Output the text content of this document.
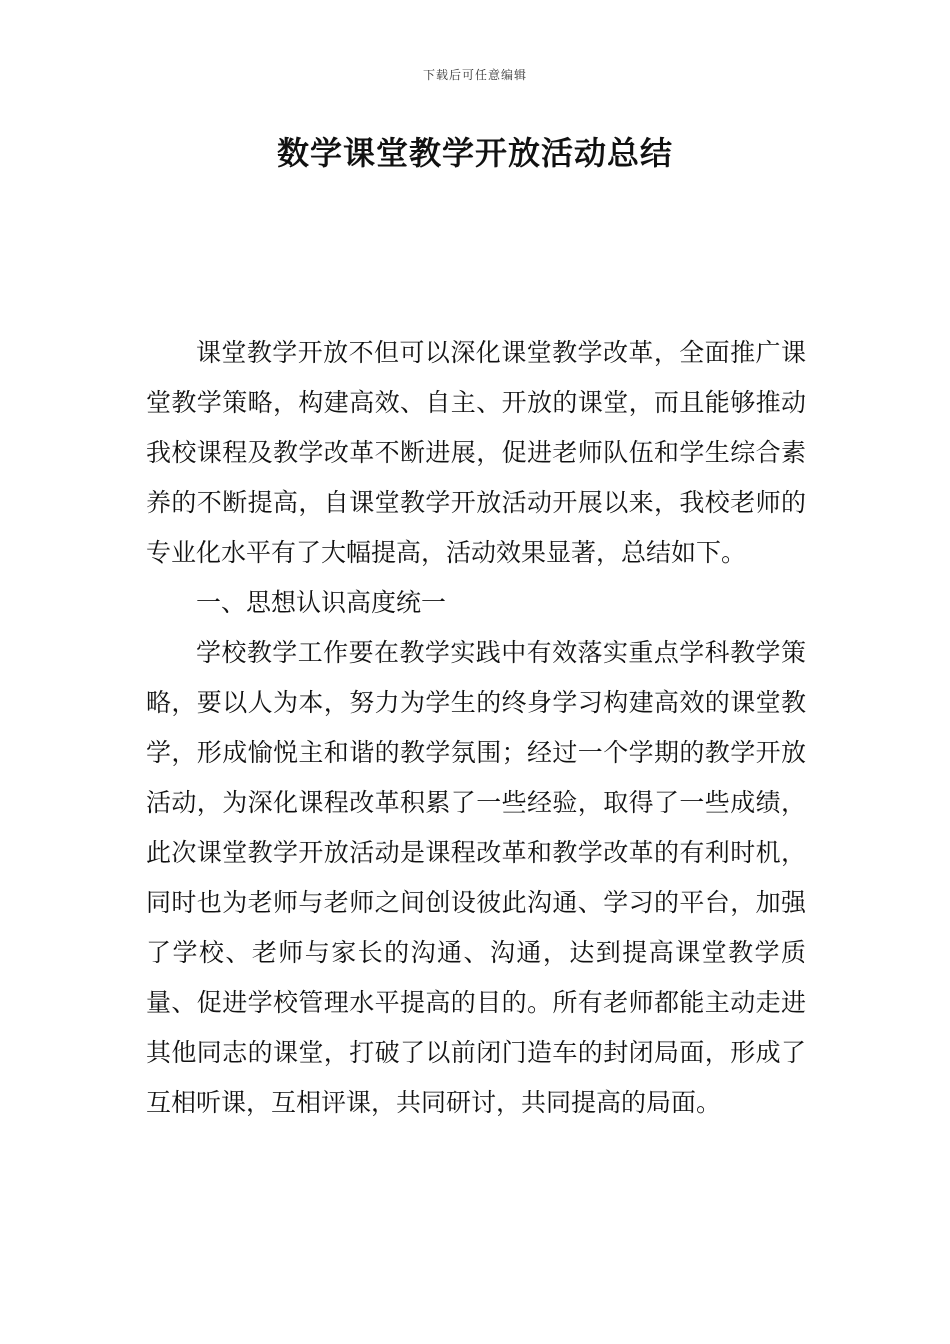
下载后可任意编辑
数学课堂教学开放活动总结

课堂教学开放不但可以深化课堂教学改革，全面推广课堂教学策略，构建高效、自主、开放的课堂，而且能够推动我校课程及教学改革不断进展，促进老师队伍和学生综合素养的不断提高，自课堂教学开放活动开展以来，我校老师的专业化水平有了大幅提高，活动效果显著，总结如下。

一、思想认识高度统一

学校教学工作要在教学实践中有效落实重点学科教学策略，要以人为本，努力为学生的终身学习构建高效的课堂教学，形成愉悦主和谐的教学氛围；经过一个学期的教学开放活动，为深化课程改革积累了一些经验，取得了一些成绩，此次课堂教学开放活动是课程改革和教学改革的有利时机，同时也为老师与老师之间创设彼此沟通、学习的平台，加强了学校、老师与家长的沟通、沟通，达到提高课堂教学质量、促进学校管理水平提高的目的。所有老师都能主动走进其他同志的课堂，打破了以前闭门造车的封闭局面，形成了互相听课，互相评课，共同研讨，共同提高的局面。
